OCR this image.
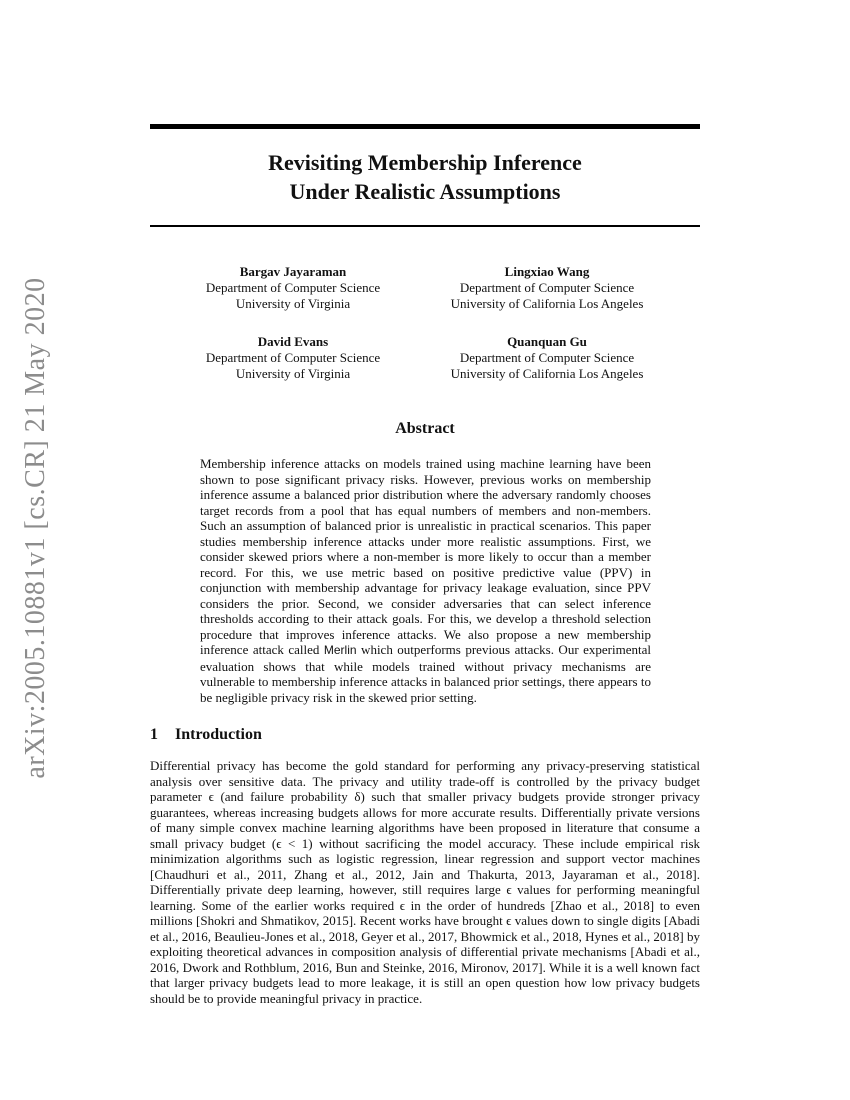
arXiv:2005.10881v1 [cs.CR] 21 May 2020
Revisiting Membership Inference
Under Realistic Assumptions
Bargav Jayaraman
Department of Computer Science
University of Virginia
Lingxiao Wang
Department of Computer Science
University of California Los Angeles
David Evans
Department of Computer Science
University of Virginia
Quanquan Gu
Department of Computer Science
University of California Los Angeles
Abstract
Membership inference attacks on models trained using machine learning have been shown to pose significant privacy risks. However, previous works on membership inference assume a balanced prior distribution where the adversary randomly chooses target records from a pool that has equal numbers of members and non-members. Such an assumption of balanced prior is unrealistic in practical scenarios. This paper studies membership inference attacks under more realistic assumptions. First, we consider skewed priors where a non-member is more likely to occur than a member record. For this, we use metric based on positive predictive value (PPV) in conjunction with membership advantage for privacy leakage evaluation, since PPV considers the prior. Second, we consider adversaries that can select inference thresholds according to their attack goals. For this, we develop a threshold selection procedure that improves inference attacks. We also propose a new membership inference attack called Merlin which outperforms previous attacks. Our experimental evaluation shows that while models trained without privacy mechanisms are vulnerable to membership inference attacks in balanced prior settings, there appears to be negligible privacy risk in the skewed prior setting.
1 Introduction
Differential privacy has become the gold standard for performing any privacy-preserving statistical analysis over sensitive data. The privacy and utility trade-off is controlled by the privacy budget parameter ϵ (and failure probability δ) such that smaller privacy budgets provide stronger privacy guarantees, whereas increasing budgets allows for more accurate results. Differentially private versions of many simple convex machine learning algorithms have been proposed in literature that consume a small privacy budget (ϵ < 1) without sacrificing the model accuracy. These include empirical risk minimization algorithms such as logistic regression, linear regression and support vector machines [Chaudhuri et al., 2011, Zhang et al., 2012, Jain and Thakurta, 2013, Jayaraman et al., 2018]. Differentially private deep learning, however, still requires large ϵ values for performing meaningful learning. Some of the earlier works required ϵ in the order of hundreds [Zhao et al., 2018] to even millions [Shokri and Shmatikov, 2015]. Recent works have brought ϵ values down to single digits [Abadi et al., 2016, Beaulieu-Jones et al., 2018, Geyer et al., 2017, Bhowmick et al., 2018, Hynes et al., 2018] by exploiting theoretical advances in composition analysis of differential private mechanisms [Abadi et al., 2016, Dwork and Rothblum, 2016, Bun and Steinke, 2016, Mironov, 2017]. While it is a well known fact that larger privacy budgets lead to more leakage, it is still an open question how low privacy budgets should be to provide meaningful privacy in practice.
